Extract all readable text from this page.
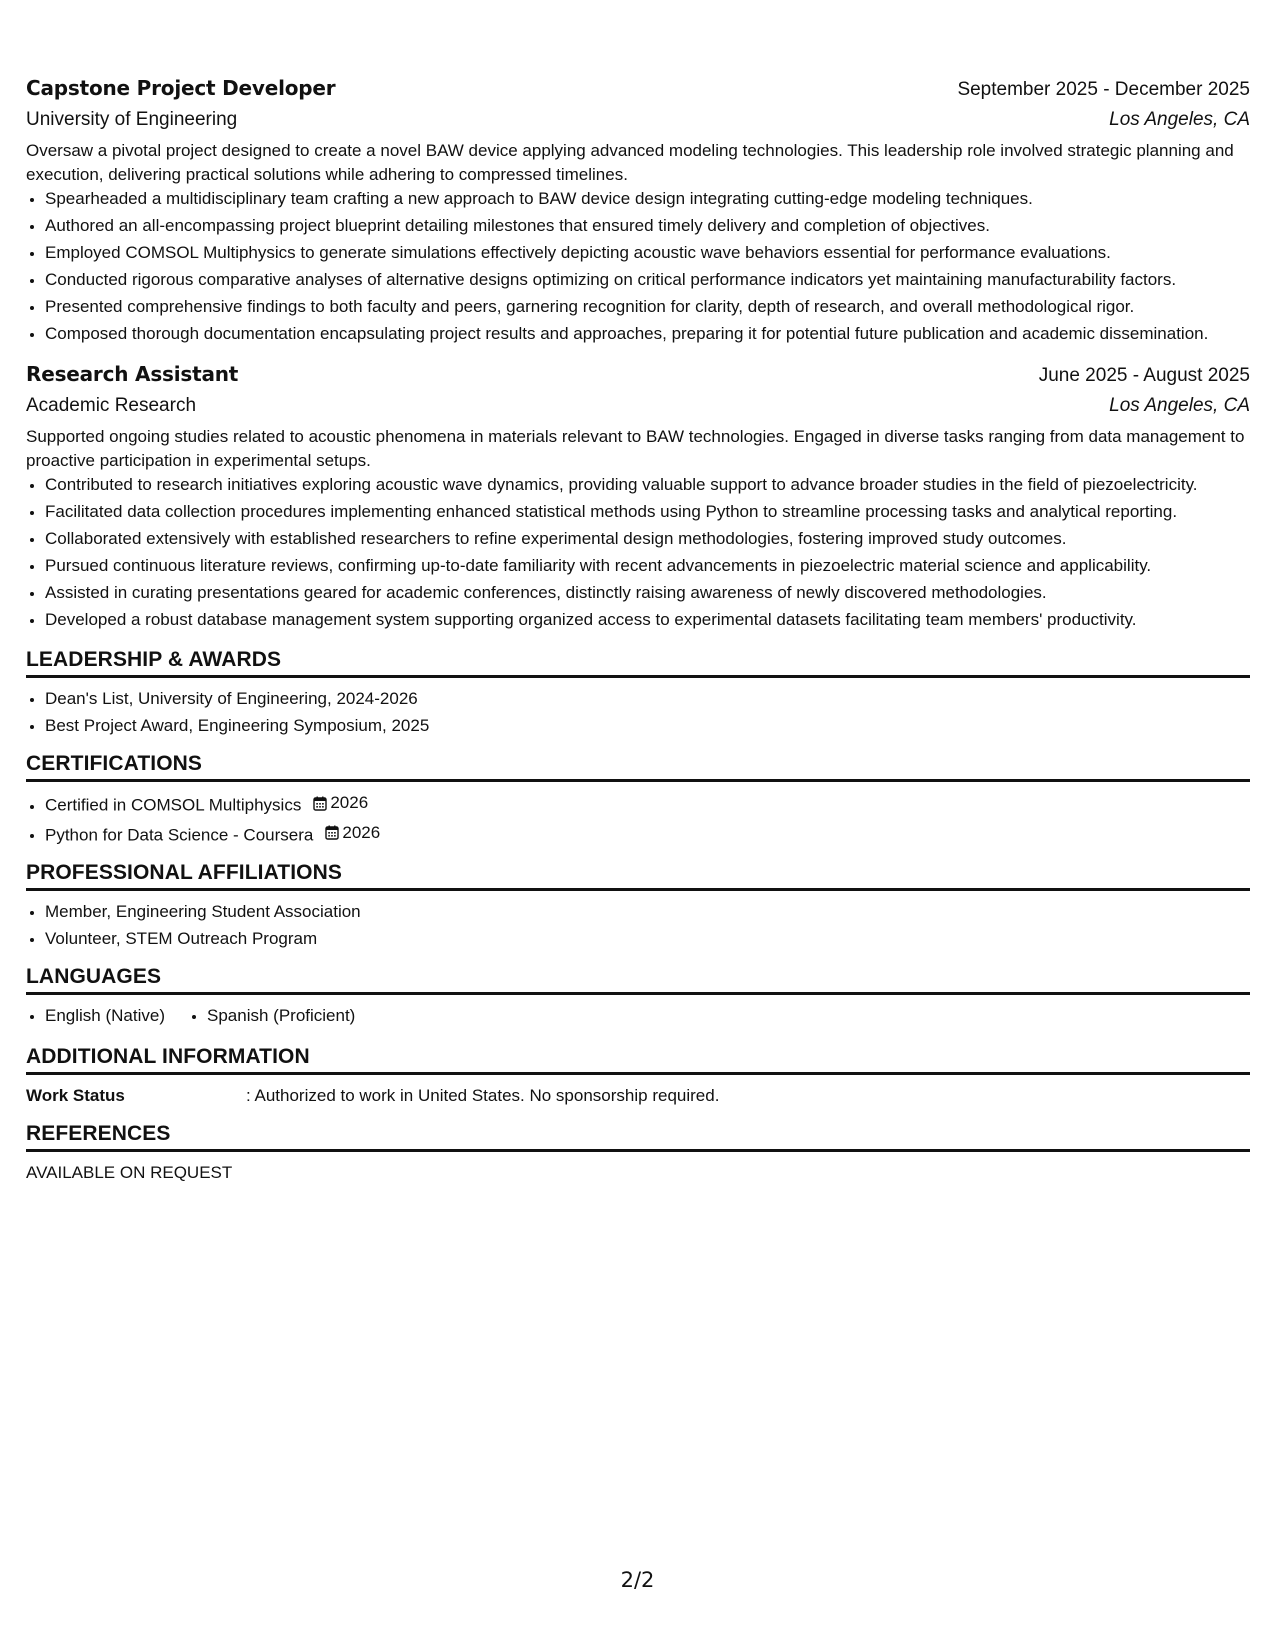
Capstone Project Developer	September 2025 - December 2025
University of Engineering	Los Angeles, CA
Oversaw a pivotal project designed to create a novel BAW device applying advanced modeling technologies. This leadership role involved strategic planning and execution, delivering practical solutions while adhering to compressed timelines.
• Spearheaded a multidisciplinary team crafting a new approach to BAW device design integrating cutting-edge modeling techniques.
• Authored an all-encompassing project blueprint detailing milestones that ensured timely delivery and completion of objectives.
• Employed COMSOL Multiphysics to generate simulations effectively depicting acoustic wave behaviors essential for performance evaluations.
• Conducted rigorous comparative analyses of alternative designs optimizing on critical performance indicators yet maintaining manufacturability factors.
• Presented comprehensive findings to both faculty and peers, garnering recognition for clarity, depth of research, and overall methodological rigor.
• Composed thorough documentation encapsulating project results and approaches, preparing it for potential future publication and academic dissemination.
Research Assistant	June 2025 - August 2025
Academic Research	Los Angeles, CA
Supported ongoing studies related to acoustic phenomena in materials relevant to BAW technologies. Engaged in diverse tasks ranging from data management to proactive participation in experimental setups.
• Contributed to research initiatives exploring acoustic wave dynamics, providing valuable support to advance broader studies in the field of piezoelectricity.
• Facilitated data collection procedures implementing enhanced statistical methods using Python to streamline processing tasks and analytical reporting.
• Collaborated extensively with established researchers to refine experimental design methodologies, fostering improved study outcomes.
• Pursued continuous literature reviews, confirming up-to-date familiarity with recent advancements in piezoelectric material science and applicability.
• Assisted in curating presentations geared for academic conferences, distinctly raising awareness of newly discovered methodologies.
• Developed a robust database management system supporting organized access to experimental datasets facilitating team members' productivity.
LEADERSHIP & AWARDS
• Dean's List, University of Engineering, 2024-2026
• Best Project Award, Engineering Symposium, 2025
CERTIFICATIONS
• Certified in COMSOL Multiphysics 2026
• Python for Data Science - Coursera 2026
PROFESSIONAL AFFILIATIONS
• Member, Engineering Student Association
• Volunteer, STEM Outreach Program
LANGUAGES
• English (Native)
• Spanish (Proficient)
ADDITIONAL INFORMATION
Work Status	: Authorized to work in United States. No sponsorship required.
REFERENCES
AVAILABLE ON REQUEST
2/2
